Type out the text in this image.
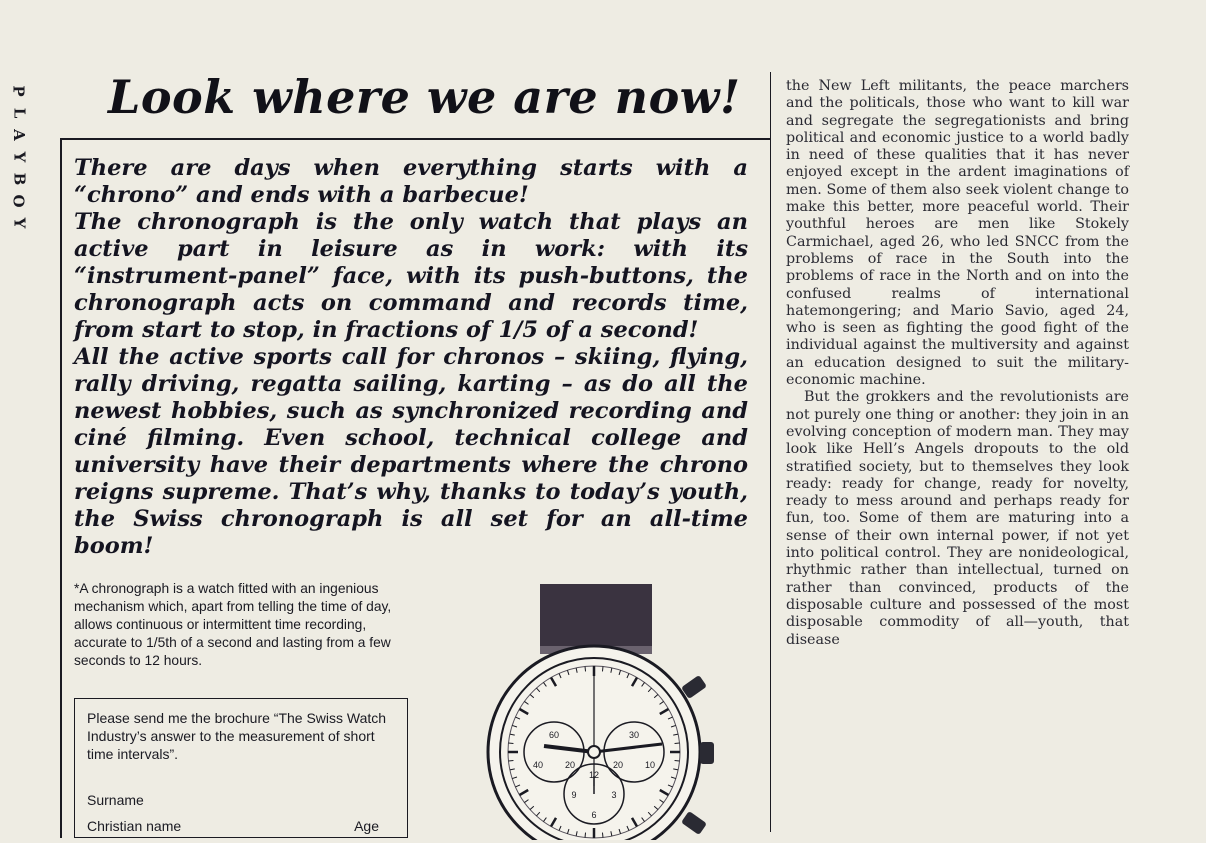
P
L
A
Y
B
O
Y
Look where we are now!

There are days when everything starts with a “chrono” and ends with a barbecue!

The chronograph is the only watch that plays an active part in leisure as in work: with its “instrument-panel” face, with its push-buttons, the chronograph acts on command and records time, from start to stop, in fractions of 1/5 of a second!

All the active sports call for chronos – skiing, flying, rally driving, regatta sailing, karting – as do all the newest hobbies, such as synchronized recording and ciné filming. Even school, technical college and university have their departments where the chrono reigns supreme. That’s why, thanks to today’s youth, the Swiss chronograph is all set for an all-time boom!

*A chronograph is a watch fitted with an ingenious mechanism which, apart from telling the time of day, allows continuous or intermittent time recording, accurate to 1/5th of a second and lasting from a few seconds to 12 hours.

Please send me the brochure “The Swiss Watch Industry’s answer to the measurement of short time intervals”.

Surname
Christian name	Age
60
40 20
30
20 10
12
9	3
6

the New Left militants, the peace marchers and the politicals, those who want to kill war and segregate the segregationists and bring political and economic justice to a world badly in need of these qualities that it has never enjoyed except in the ardent imaginations of men. Some of them also seek violent change to make this better, more peaceful world. Their youthful heroes are men like Stokely Carmichael, aged 26, who led SNCC from the problems of race in the South into the problems of race in the North and on into the confused realms of international hatemongering; and Mario Savio, aged 24, who is seen as fighting the good fight of the individual against the multiversity and against an education designed to suit the military-economic machine.

But the grokkers and the revolutionists are not purely one thing or another: they join in an evolving conception of modern man. They may look like Hell’s Angels dropouts to the old stratified society, but to themselves they look ready: ready for change, ready for novelty, ready to mess around and perhaps ready for fun, too. Some of them are maturing into a sense of their own internal power, if not yet into political control. They are nonideological, rhythmic rather than intellectual, turned on rather than convinced, products of the disposable culture and possessed of the most disposable commodity of all—youth, that disease
